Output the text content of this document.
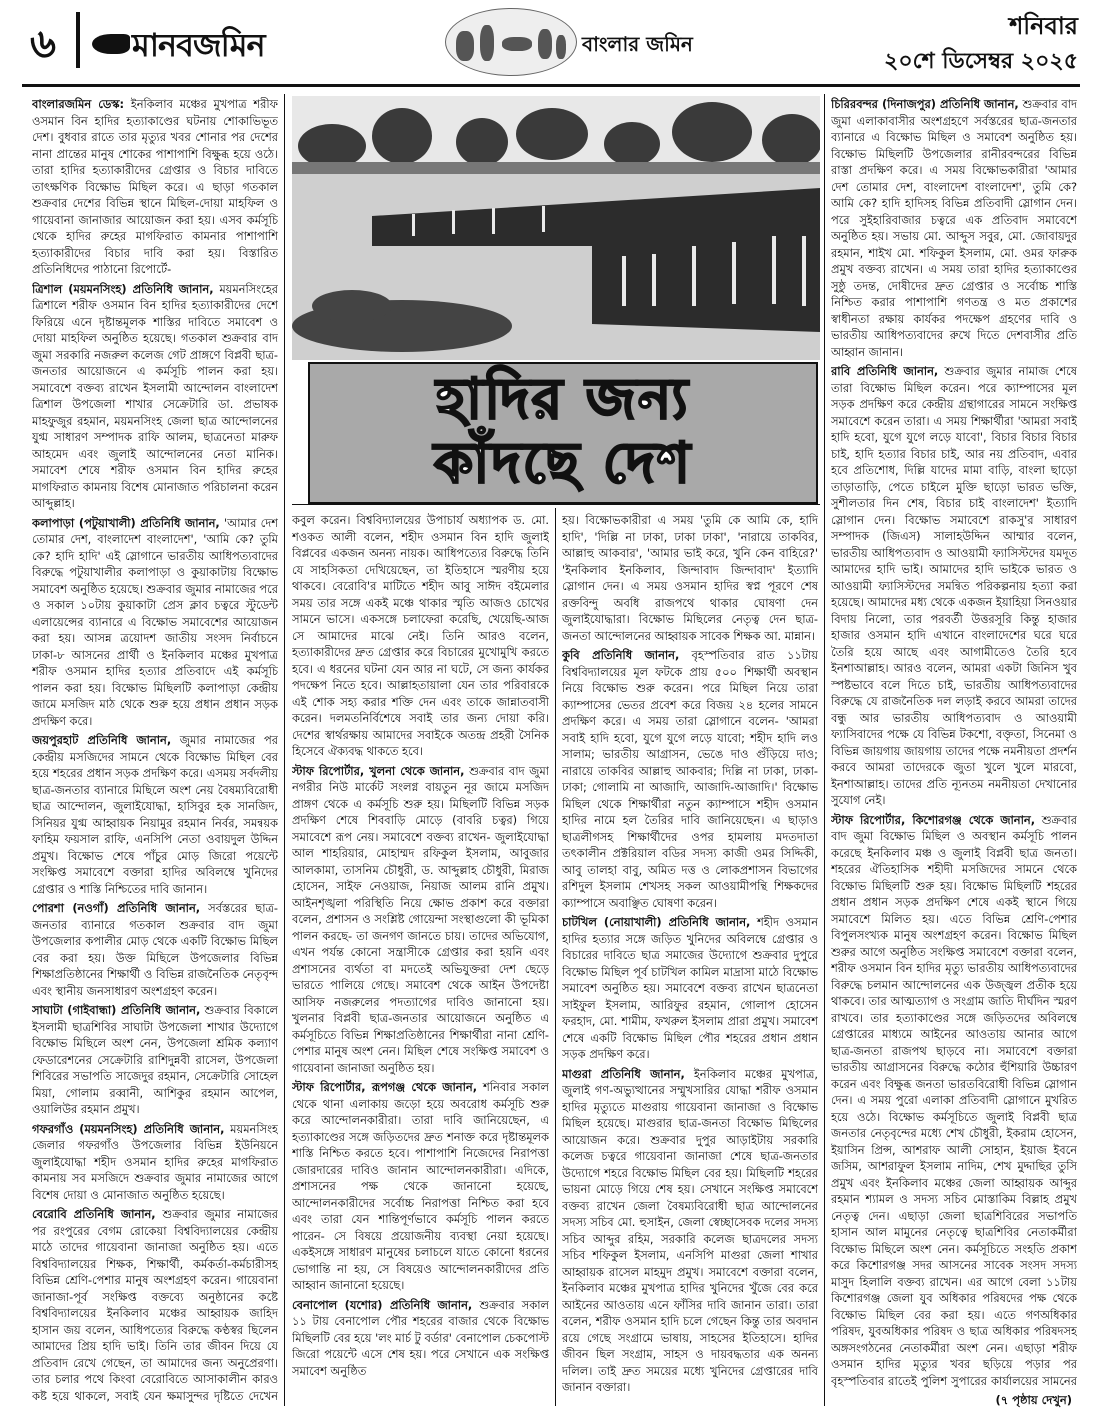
৬ মানবজমিন	বাংলার জমিন
শনিবার
২০শে ডিসেম্বর ২০২৫

বাংলারজমিন ডেস্ক: ইনকিলাব মঞ্চের মুখপাত্র শরীফ ওসমান বিন হাদির হত্যাকাণ্ডের ঘটনায় শোকাভিভূত দেশ। বুধবার রাতে তার মৃত্যুর খবর শোনার পর দেশের নানা প্রান্তের মানুষ শোকের পাশাপাশি বিক্ষুব্ধ হয়ে ওঠে। তারা হাদির হত্যাকারীদের গ্রেপ্তার ও বিচার দাবিতে তাৎক্ষণিক বিক্ষোভ মিছিল করে। এ ছাড়া গতকাল শুক্রবার দেশের বিভিন্ন স্থানে মিছিল-দোয়া মাহফিল ও গায়েবানা জানাজার আয়োজন করা হয়। এসব কর্মসূচি থেকে হাদির রুহের মাগফিরাত কামনার পাশাপাশি হত্যাকারীদের বিচার দাবি করা হয়। বিস্তারিত প্রতিনিধিদের পাঠানো রিপোর্টে-

ত্রিশাল (ময়মনসিংহ) প্রতিনিধি জানান, ময়মনসিংহের ত্রিশালে শরীফ ওসমান বিন হাদির হত্যাকারীদের দেশে ফিরিয়ে এনে দৃষ্টান্তমূলক শাস্তির দাবিতে সমাবেশ ও দোয়া মাহফিল অনুষ্ঠিত হয়েছে। গতকাল শুক্রবার বাদ জুমা সরকারি নজরুল কলেজ গেট প্রাঙ্গণে বিপ্লবী ছাত্র-জনতার আয়োজনে এ কর্মসূচি পালন করা হয়। সমাবেশে বক্তব্য রাখেন ইসলামী আন্দোলন বাংলাদেশ ত্রিশাল উপজেলা শাখার সেক্রেটারি ডা. প্রভাষক মাহফুজুর রহমান, ময়মনসিংহ জেলা ছাত্র আন্দোলনের যুগ্ম সাধারণ সম্পাদক রাফি আলম, ছাত্রনেতা মারুফ আহমেদ এবং জুলাই আন্দোলনের নেতা মানিক। সমাবেশ শেষে শরীফ ওসমান বিন হাদির রুহের মাগফিরাত কামনায় বিশেষ মোনাজাত পরিচালনা করেন আব্দুল্লাহ।

কলাপাড়া (পটুয়াখালী) প্রতিনিধি জানান, 'আমার দেশ তোমার দেশ, বাংলাদেশ বাংলাদেশ', 'আমি কে? তুমি কে? হাদি হাদি' এই স্লোগানে ভারতীয় আধিপত্যবাদের বিরুদ্ধে পটুয়াখালীর কলাপাড়া ও কুয়াকাটায় বিক্ষোভ সমাবেশ অনুষ্ঠিত হয়েছে। শুক্রবার জুমার নামাজের পরে ও সকাল ১০টায় কুয়াকাটা প্রেস ক্লাব চত্বরে স্টুডেন্ট এলায়েন্সের ব্যানারে এ বিক্ষোভ সমাবেশের আয়োজন করা হয়। আসন্ন ত্রয়োদশ জাতীয় সংসদ নির্বাচনে ঢাকা-৮ আসনের প্রার্থী ও ইনকিলাব মঞ্চের মুখপাত্র শরীফ ওসমান হাদির হত্যার প্রতিবাদে এই কর্মসূচি পালন করা হয়। বিক্ষোভ মিছিলটি কলাপাড়া কেন্দ্রীয় জামে মসজিদ মাঠ থেকে শুরু হয়ে প্রধান প্রধান সড়ক প্রদক্ষিণ করে।

জয়পুরহাট প্রতিনিধি জানান, জুমার নামাজের পর কেন্দ্রীয় মসজিদের সামনে থেকে বিক্ষোভ মিছিল বের হয়ে শহরের প্রধান সড়ক প্রদক্ষিণ করে। এসময় সর্বদলীয় ছাত্র-জনতার ব্যানারে মিছিলে অংশ নেয় বৈষম্যবিরোধী ছাত্র আন্দোলন, জুলাইযোদ্ধা, হাসিবুর হক সানজিদ, সিনিয়র যুগ্ম আহ্বায়ক নিয়ামুর রহমান নির্বর, সমন্বয়ক ফাহিম ফয়সাল রাফি, এনসিপি নেতা ওবায়দুল উদ্দিন প্রমুখ। বিক্ষোভ শেষে পাঁচুর মোড় জিরো পয়েন্টে সংক্ষিপ্ত সমাবেশে বক্তারা হাদির অবিলম্বে খুনিদের গ্রেপ্তার ও শাস্তি নিশ্চিতের দাবি জানান।

পোরশা (নওগাঁ) প্রতিনিধি জানান, সর্বস্তরের ছাত্র-জনতার ব্যানারে গতকাল শুক্রবার বাদ জুমা উপজেলার কপালীর মোড় থেকে একটি বিক্ষোভ মিছিল বের করা হয়। উক্ত মিছিলে উপজেলার বিভিন্ন শিক্ষাপ্রতিষ্ঠানের শিক্ষার্থী ও বিভিন্ন রাজনৈতিক নেতৃবৃন্দ এবং স্থানীয় জনসাধারণ অংশগ্রহণ করেন।

সাঘাটা (গাইবান্ধা) প্রতিনিধি জানান, শুক্রবার বিকালে ইসলামী ছাত্রশিবির সাঘাটা উপজেলা শাখার উদ্যোগে বিক্ষোভ মিছিলে অংশ নেন, উপজেলা শ্রমিক কল্যাণ ফেডারেশনের সেক্রেটারি রাশিদুন্নবী রাসেল, উপজেলা শিবিরের সভাপতি সাজেদুর রহমান, সেক্রেটারি সোহেল মিয়া, গোলাম রব্বানী, আশিকুর রহমান আপেল, ওয়ালিউর রহমান প্রমুখ।

গফরগাঁও (ময়মনসিংহ) প্রতিনিধি জানান, ময়মনসিংহ জেলার গফরগাঁও উপজেলার বিভিন্ন ইউনিয়নে জুলাইযোদ্ধা শহীদ ওসমান হাদির রুহের মাগফিরাত কামনায় সব মসজিদে শুক্রবার জুমার নামাজের আগে বিশেষ দোয়া ও মোনাজাত অনুষ্ঠিত হয়েছে।

বেরোবি প্রতিনিধি জানান, শুক্রবার জুমার নামাজের পর রংপুরের বেগম রোকেয়া বিশ্ববিদ্যালয়ের কেন্দ্রীয় মাঠে তাদের গায়েবানা জানাজা অনুষ্ঠিত হয়। এতে বিশ্ববিদ্যালয়ের শিক্ষক, শিক্ষার্থী, কর্মকর্তা-কর্মচারীসহ বিভিন্ন শ্রেণি-পেশার মানুষ অংশগ্রহণ করেন। গায়েবানা জানাজা-পূর্ব সংক্ষিপ্ত বক্তব্যে অনুষ্ঠানের কষ্টে বিশ্ববিদ্যালয়ের ইনকিলাব মঞ্চের আহ্বায়ক জাহিদ হাসান জয় বলেন, আধিপত্যের বিরুদ্ধে কণ্ঠস্বর ছিলেন আমাদের প্রিয় হাদি ভাই। তিনি তার জীবন দিয়ে যে প্রতিবাদ রেখে গেছেন, তা আমাদের জন্য অনুপ্রেরণা। তার চলার পথে কিংবা বেরোবিতে আসাকালীন কারও কষ্ট হয়ে থাকলে, সবাই যেন ক্ষমাসুন্দর দৃষ্টিতে দেখেন

হাদির জন্য
কাঁদছে দেশ

কবুল করেন। বিশ্ববিদ্যালয়ের উপাচার্য অধ্যাপক ড. মো. শওকত আলী বলেন, শহীদ ওসমান বিন হাদি জুলাই বিপ্লবের একজন অনন্য নায়ক। আধিপত্যের বিরুদ্ধে তিনি যে সাহসিকতা দেখিয়েছেন, তা ইতিহাসে স্মরণীয় হয়ে থাকবে। বেরোবি'র মাটিতে শহীদ আবু সাঈদ বইমেলার সময় তার সঙ্গে একই মঞ্চে থাকার স্মৃতি আজও চোখের সামনে ভাসে। একসঙ্গে চলাফেরা করেছি, খেয়েছি-আজ সে আমাদের মাঝে নেই। তিনি আরও বলেন, হত্যাকারীদের দ্রুত গ্রেপ্তার করে বিচারের মুখোমুখি করতে হবে। এ ধরনের ঘটনা যেন আর না ঘটে, সে জন্য কার্যকর পদক্ষেপ নিতে হবে। আল্লাহতায়ালা যেন তার পরিবারকে এই শোক সহ্য করার শক্তি দেন এবং তাকে জান্নাতবাসী করেন। দলমতনির্বিশেষে সবাই তার জন্য দোয়া করি। দেশের স্বার্থরক্ষায় আমাদের সবাইকে অতন্দ্র প্রহরী সৈনিক হিসেবে ঐক্যবদ্ধ থাকতে হবে।

স্টাফ রিপোর্টার, খুলনা থেকে জানান, শুক্রবার বাদ জুমা নগরীর নিউ মার্কেট সংলগ্ন বায়তুন নূর জামে মসজিদ প্রাঙ্গণ থেকে এ কর্মসূচি শুরু হয়। মিছিলটি বিভিন্ন সড়ক প্রদক্ষিণ শেষে শিববাড়ি মোড়ে (বাবরি চত্বর) গিয়ে সমাবেশে রূপ নেয়। সমাবেশে বক্তব্য রাখেন- জুলাইযোদ্ধা আল শাহরিয়ার, মোহাম্মদ রফিকুল ইসলাম, আবুজার আলকামা, তাসনিম চৌধুরী, ড. আব্দুল্লাহ চৌধুরী, মিরাজ হোসেন, সাইফ নেওয়াজ, নিয়াজ আলম রানি প্রমুখ। আইনশৃঙ্খলা পরিস্থিতি নিয়ে ক্ষোভ প্রকাশ করে বক্তারা বলেন, প্রশাসন ও সংশ্লিষ্ট গোয়েন্দা সংস্থাগুলো কী ভূমিকা পালন করছে- তা জনগণ জানতে চায়। তাদের অভিযোগ, এখন পর্যন্ত কোনো সন্ত্রাসীকে গ্রেপ্তার করা হয়নি এবং প্রশাসনের ব্যর্থতা বা মদতেই অভিযুক্তরা দেশ ছেড়ে ভারতে পালিয়ে গেছে। সমাবেশ থেকে আইন উপদেষ্টা আসিফ নজরুলের পদত্যাগের দাবিও জানানো হয়। খুলনার বিপ্লবী ছাত্র-জনতার আয়োজনে অনুষ্ঠিত এ কর্মসূচিতে বিভিন্ন শিক্ষাপ্রতিষ্ঠানের শিক্ষার্থীরা নানা শ্রেণি-পেশার মানুষ অংশ নেন। মিছিল শেষে সংক্ষিপ্ত সমাবেশ ও গায়েবানা জানাজা অনুষ্ঠিত হয়।

স্টাফ রিপোর্টার, রূপগঞ্জ থেকে জানান, শনিবার সকাল থেকে থানা এলাকায় জড়ো হয়ে অবরোধ কর্মসূচি শুরু করে আন্দোলনকারীরা। তারা দাবি জানিয়েছেন, এ হত্যাকাণ্ডের সঙ্গে জড়িতদের দ্রুত শনাক্ত করে দৃষ্টান্তমূলক শাস্তি নিশ্চিত করতে হবে। পাশাপাশি নিজেদের নিরাপত্তা জোরদারের দাবিও জানান আন্দোলনকারীরা। এদিকে, প্রশাসনের পক্ষ থেকে জানানো হয়েছে, আন্দোলনকারীদের সর্বোচ্চ নিরাপত্তা নিশ্চিত করা হবে এবং তারা যেন শান্তিপূর্ণভাবে কর্মসূচি পালন করতে পারেন- সে বিষয়ে প্রয়োজনীয় ব্যবস্থা নেয়া হয়েছে। একইসঙ্গে সাধারণ মানুষের চলাচলে যাতে কোনো ধরনের ভোগান্তি না হয়, সে বিষয়েও আন্দোলনকারীদের প্রতি আহ্বান জানানো হয়েছে।

বেনাপোল (যশোর) প্রতিনিধি জানান, শুক্রবার সকাল ১১ টায় বেনাপোল পৌর শহরের বাজার থেকে বিক্ষোভ মিছিলটি বের হয়ে 'লং মার্চ টু বর্ডার' বেনাপোল চেকপোস্ট জিরো পয়েন্টে এসে শেষ হয়। পরে সেখানে এক সংক্ষিপ্ত সমাবেশ অনুষ্ঠিত

হয়। বিক্ষোভকারীরা এ সময় 'তুমি কে আমি কে, হাদি হাদি', 'দিল্লি না ঢাকা, ঢাকা ঢাকা', 'নারায়ে তাকবির, আল্লাহু আকবার', 'আমার ভাই করে, খুনি কেন বাহিরে?' 'ইনকিলাব ইনকিলাব, জিন্দাবাদ জিন্দাবাদ' ইত্যাদি স্লোগান দেন। এ সময় ওসমান হাদির স্বপ্ন পূরণে শেষ রক্তবিন্দু অবধি রাজপথে থাকার ঘোষণা দেন জুলাইযোদ্ধারা। বিক্ষোভ মিছিলের নেতৃত্ব দেন ছাত্র-জনতা আন্দোলনের আহ্বায়ক সাবেক শিক্ষক আ. মান্নান।

কুবি প্রতিনিধি জানান, বৃহস্পতিবার রাত ১১টায় বিশ্ববিদ্যালয়ের মূল ফটকে প্রায় ৫০০ শিক্ষার্থী অবস্থান নিয়ে বিক্ষোভ শুরু করেন। পরে মিছিল নিয়ে তারা ক্যাম্পাসের ভেতর প্রবেশ করে বিজয় ২৪ হলের সামনে প্রদক্ষিণ করে। এ সময় তারা স্লোগানে বলেন- 'আমরা সবাই হাদি হবো, যুগে যুগে লড়ে যাবো; শহীদ হাদি লও সালাম; ভারতীয় আগ্রাসন, ভেঙে দাও গুঁড়িয়ে দাও; নারায়ে তাকবির আল্লাহু আকবার; দিল্লি না ঢাকা, ঢাকা-ঢাকা; গোলামি না আজাদি, আজাদি-আজাদি।' বিক্ষোভ মিছিল থেকে শিক্ষার্থীরা নতুন ক্যাম্পাসে শহীদ ওসমান হাদির নামে হল তৈরির দাবি জানিয়েছেন। এ ছাড়াও ছাত্রলীগসহ শিক্ষার্থীদের ওপর হামলায় মদতদাতা তৎকালীন প্রক্টরিয়াল বডির সদস্য কাজী ওমর সিদ্দিকী, আবু তালহা বাবু, অমিত দত্ত ও লোকপ্রশাসন বিভাগের রশিদুল ইসলাম শেখসহ সকল আওয়ামীপন্থি শিক্ষকদের ক্যাম্পাসে অবাঞ্ছিত ঘোষণা করেন।

চাটখিল (নোয়াখালী) প্রতিনিধি জানান, শহীদ ওসমান হাদির হত্যার সঙ্গে জড়িত খুনিদের অবিলম্বে গ্রেপ্তার ও বিচারের দাবিতে ছাত্র সমাজের উদ্যোগে শুক্রবার দুপুরে বিক্ষোভ মিছিল পূর্ব চাটখিল কামিল মাদ্রাসা মাঠে বিক্ষোভ সমাবেশ অনুষ্ঠিত হয়। সমাবেশে বক্তব্য রাখেন ছাত্রনেতা সাইফুল ইসলাম, আরিফুর রহমান, গোলাপ হোসেন ফরহাদ, মো. শামীম, ফখরুল ইসলাম প্রারা প্রমুখ। সমাবেশ শেষে একটি বিক্ষোভ মিছিল পৌর শহরের প্রধান প্রধান সড়ক প্রদক্ষিণ করে।

মাগুরা প্রতিনিধি জানান, ইনকিলাব মঞ্চের মুখপাত্র, জুলাই গণ-অভ্যুত্থানের সম্মুখসারির যোদ্ধা শরীফ ওসমান হাদির মৃত্যুতে মাগুরায় গায়েবানা জানাজা ও বিক্ষোভ মিছিল হয়েছে। মাগুরার ছাত্র-জনতা বিক্ষোভ মিছিলের আয়োজন করে। শুক্রবার দুপুর আড়াইটায় সরকারি কলেজ চত্বরে গায়েবানা জানাজা শেষে ছাত্র-জনতার উদ্যোগে শহরে বিক্ষোভ মিছিল বের হয়। মিছিলটি শহরের ভায়না মোড়ে গিয়ে শেষ হয়। সেখানে সংক্ষিপ্ত সমাবেশে বক্তব্য রাখেন জেলা বৈষম্যবিরোধী ছাত্র আন্দোলনের সদস্য সচিব মো. হুসাইন, জেলা স্বেচ্ছাসেবক দলের সদস্য সচিব আব্দুর রহিম, সরকারি কলেজ ছাত্রদলের সদস্য সচিব শফিকুল ইসলাম, এনসিপি মাগুরা জেলা শাখার আহ্বায়ক রাসেল মাহমুদ প্রমুখ। সমাবেশে বক্তারা বলেন, ইনকিলাব মঞ্চের মুখপাত্র হাদির খুনিদের খুঁজে বের করে আইনের আওতায় এনে ফাঁসির দাবি জানান তারা। তারা বলেন, শরীফ ওসমান হাদি চলে গেছেন কিন্তু তার অবদান রয়ে গেছে সংগ্রামে ভাষায়, সাহসের ইতিহাসে। হাদির জীবন ছিল সংগ্রাম, সাহস ও দায়বদ্ধতার এক অনন্য দলিল। তাই দ্রুত সময়ের মধ্যে খুনিদের গ্রেপ্তারের দাবি জানান বক্তারা।

চিরিরবন্দর (দিনাজপুর) প্রতিনিধি জানান, শুক্রবার বাদ জুমা এলাকাবাসীর অংশগ্রহণে সর্বস্তরের ছাত্র-জনতার ব্যানারে এ বিক্ষোভ মিছিল ও সমাবেশ অনুষ্ঠিত হয়। বিক্ষোভ মিছিলটি উপজেলার রানীরবন্দরের বিভিন্ন রাস্তা প্রদক্ষিণ করে। এ সময় বিক্ষোভকারীরা 'আমার দেশ তোমার দেশ, বাংলাদেশ বাংলাদেশ', তুমি কে? আমি কে? হাদি হাদিসহ বিভিন্ন প্রতিবাদী স্লোগান দেন। পরে সুইহারিবাজার চত্বরে এক প্রতিবাদ সমাবেশে অনুষ্ঠিত হয়। সভায় মো. আব্দুস সবুর, মো. জোবায়দুর রহমান, শাইখ মো. শফিকুল ইসলাম, মো. ওমর ফারুক প্রমুখ বক্তব্য রাখেন। এ সময় তারা হাদির হত্যাকাণ্ডের সুষ্ঠু তদন্ত, দোষীদের দ্রুত গ্রেপ্তার ও সর্বোচ্চ শাস্তি নিশ্চিত করার পাশাপাশি গণতন্ত্র ও মত প্রকাশের স্বাধীনতা রক্ষায় কার্যকর পদক্ষেপ গ্রহণের দাবি ও ভারতীয় আধিপত্যবাদের রুখে দিতে দেশবাসীর প্রতি আহ্বান জানান।

রাবি প্রতিনিধি জানান, শুক্রবার জুমার নামাজ শেষে তারা বিক্ষোভ মিছিল করেন। পরে ক্যাম্পাসের মূল সড়ক প্রদক্ষিণ করে কেন্দ্রীয় গ্রন্থাগারের সামনে সংক্ষিপ্ত সমাবেশে করেন তারা। এ সময় শিক্ষার্থীরা 'আমরা সবাই হাদি হবো, যুগে যুগে লড়ে যাবো', বিচার বিচার বিচার চাই, হাদি হত্যার বিচার চাই, আর নয় প্রতিবাদ, এবার হবে প্রতিশোধ, দিল্লি যাদের মামা বাড়ি, বাংলা ছাড়ো তাড়াতাড়ি, পেতে চাইলে মুক্তি ছাড়ো ভারত ভক্তি, সুশীলতার দিন শেষ, বিচার চাই বাংলাদেশ' ইত্যাদি স্লোগান দেন। বিক্ষোভ সমাবেশে রাকসু'র সাধারণ সম্পাদক (জিএস) সালাহউদ্দিন আম্মার বলেন, ভারতীয় আধিপত্যবাদ ও আওয়ামী ফ্যাসিস্টদের যমদূত আমাদের হাদি ভাই। আমাদের হাদি ভাইকে ভারত ও আওয়ামী ফ্যাসিস্টদের সমন্বিত পরিকল্পনায় হত্যা করা হয়েছে। আমাদের মধ্য থেকে একজন ইয়াহিয়া সিনওয়ার বিদায় নিলো, তার পরবর্তী উত্তরসূরি কিন্তু হাজার হাজার ওসমান হাদি এখানে বাংলাদেশের ঘরে ঘরে তৈরি হয়ে আছে এবং আগামীতেও তৈরি হবে ইনশাআল্লাহ। আরও বলেন, আমরা একটা জিনিস খুব স্পষ্টভাবে বলে দিতে চাই, ভারতীয় আধিপত্যবাদের বিরুদ্ধে যে রাজনৈতিক দল লড়াই করবে আমরা তাদের বন্ধু আর ভারতীয় আধিপত্যবাদ ও আওয়ামী ফ্যাসিবাদের পক্ষে যে বিভিন্ন টকশো, বক্তৃতা, সিনেমা ও বিভিন্ন জায়গায় জায়গায় তাদের পক্ষে নমনীয়তা প্রদর্শন করবে আমরা তাদেরকে জুতা খুলে খুলে মারবো, ইনশাআল্লাহ। তাদের প্রতি ন্যূনতম নমনীয়তা দেখানোর সুযোগ নেই।

স্টাফ রিপোর্টার, কিশোরগঞ্জ থেকে জানান, শুক্রবার বাদ জুমা বিক্ষোভ মিছিল ও অবস্থান কর্মসূচি পালন করেছে ইনকিলাব মঞ্চ ও জুলাই বিপ্লবী ছাত্র জনতা। শহরের ঐতিহাসিক শহীদী মসজিদের সামনে থেকে বিক্ষোভ মিছিলটি শুরু হয়। বিক্ষোভ মিছিলটি শহরের প্রধান প্রধান সড়ক প্রদক্ষিণ শেষে একই স্থানে গিয়ে সমাবেশে মিলিত হয়। এতে বিভিন্ন শ্রেণি-পেশার বিপুলসংখ্যক মানুষ অংশগ্রহণ করেন। বিক্ষোভ মিছিল শুরুর আগে অনুষ্ঠিত সংক্ষিপ্ত সমাবেশে বক্তারা বলেন, শরীফ ওসমান বিন হাদির মৃত্যু ভারতীয় আধিপত্যবাদের বিরুদ্ধে চলমান আন্দোলনের এক উজ্জ্বল প্রতীক হয়ে থাকবে। তার আত্মত্যাগ ও সংগ্রাম জাতি দীর্ঘদিন স্মরণ রাখবে। তার হত্যাকাণ্ডের সঙ্গে জড়িতদের অবিলম্বে গ্রেপ্তারের মাধ্যমে আইনের আওতায় আনার আগে ছাত্র-জনতা রাজপথ ছাড়বে না। সমাবেশে বক্তারা ভারতীয় আগ্রাসনের বিরুদ্ধে কঠোর হুঁশিয়ারি উচ্চারণ করেন এবং বিক্ষুব্ধ জনতা ভারতবিরোধী বিভিন্ন স্লোগান দেন। এ সময় পুরো এলাকা প্রতিবাদী স্লোগানে মুখরিত হয়ে ওঠে। বিক্ষোভ কর্মসূচিতে জুলাই বিপ্লবী ছাত্র জনতার নেতৃবৃন্দের মধ্যে শেখ চৌধুরী, ইকরাম হোসেন, ইয়াসিন প্রিন্স, আশরাফ আলী সোহান, ইয়াজ ইবনে জসিম, আশরাফুল ইসলাম নাদিম, শেখ মুদ্দাছির তুসি প্রমুখ এবং ইনকিলাব মঞ্চের জেলা আহ্বায়ক আব্দুর রহমান শ্যামল ও সদস্য সচিব মোস্তাকিম বিল্লাহ প্রমুখ নেতৃত্ব দেন। এছাড়া জেলা ছাত্রশিবিরের সভাপতি হাসান আল মামুনের নেতৃত্বে ছাত্রশিবির নেতাকর্মীরা বিক্ষোভ মিছিলে অংশ নেন। কর্মসূচিতে সংহতি প্রকাশ করে কিশোরগঞ্জ সদর আসনের সাবেক সংসদ সদস্য মাসুদ হিলালি বক্তব্য রাখেন। এর আগে বেলা ১১টায় কিশোরগঞ্জ জেলা যুব অধিকার পরিষদের পক্ষ থেকে বিক্ষোভ মিছিল বের করা হয়। এতে গণঅধিকার পরিষদ, যুবঅধিকার পরিষদ ও ছাত্র অধিকার পরিষদসহ অঙ্গসংগঠনের নেতাকর্মীরা অংশ নেন। এছাড়া শরীফ ওসমান হাদির মৃত্যুর খবর ছড়িয়ে পড়ার পর বৃহস্পতিবার রাতেই পুলিশ সুপারের কার্যালয়ের সামনের

(৭ পৃষ্ঠায় দেখুন)
